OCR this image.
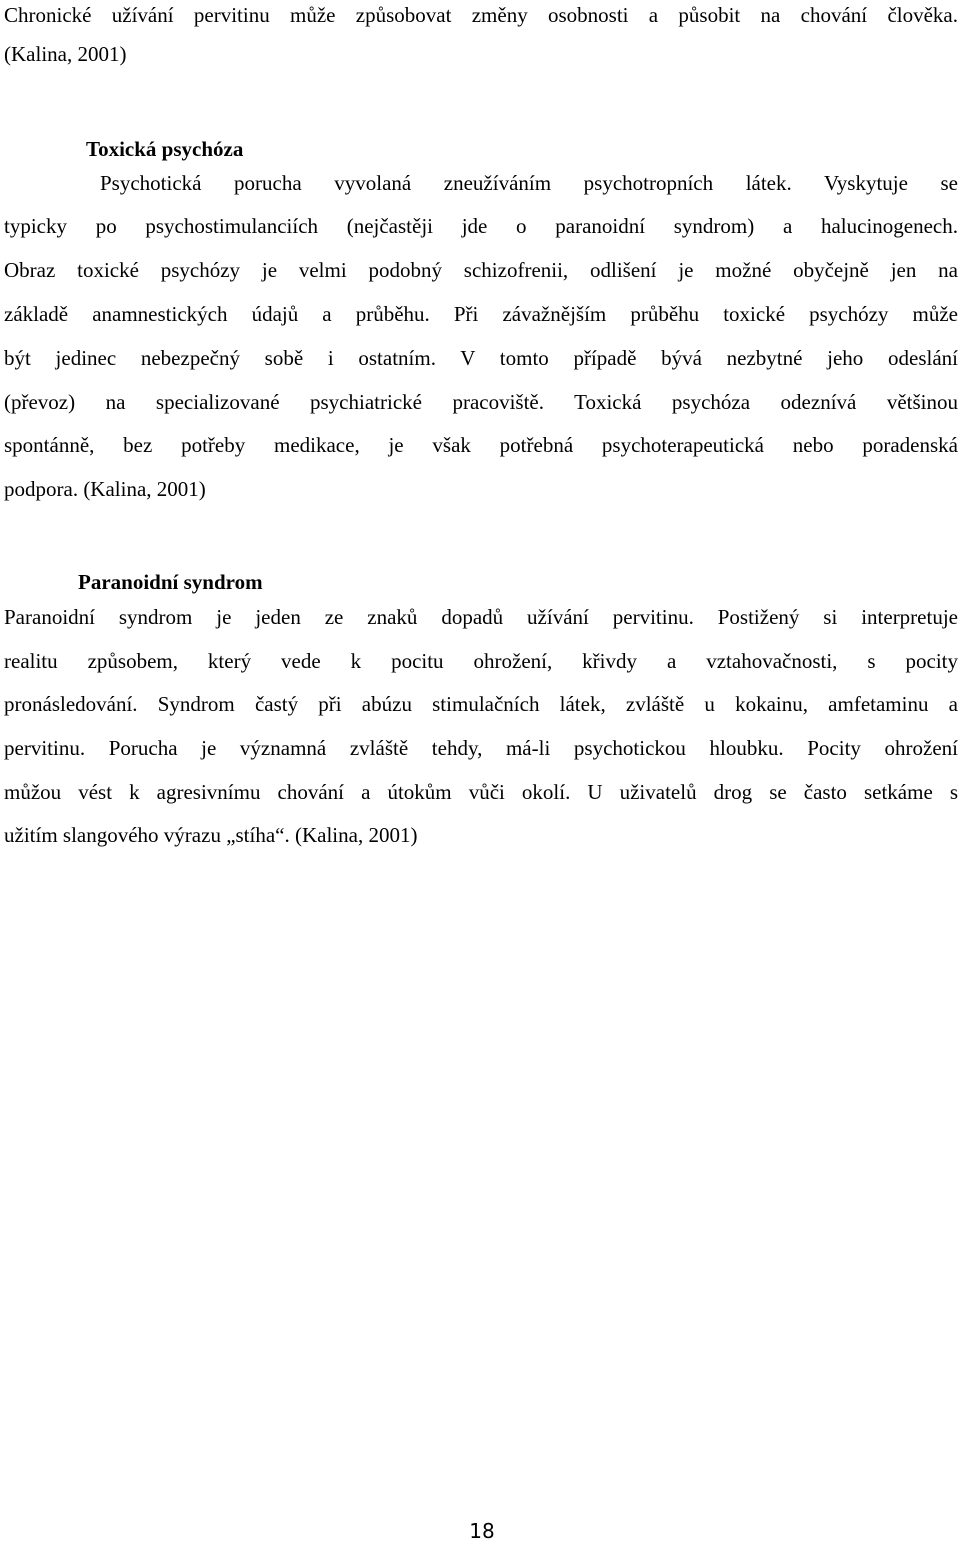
Chronické užívání pervitinu může způsobovat změny osobnosti a působit na chování člověka.
(Kalina, 2001)
Psychotická porucha vyvolaná zneužíváním psychotropních látek. Vyskytuje se
typicky po psychostimulanciích (nejčastěji jde o paranoidní syndrom) a halucinogenech.
Obraz toxické psychózy je velmi podobný schizofrenii, odlišení je možné obyčejně jen na
základě anamnestických údajů a průběhu. Při závažnějším průběhu toxické psychózy může
být jedinec nebezpečný sobě i ostatním. V tomto případě bývá nezbytné jeho odeslání
(převoz) na specializované psychiatrické pracoviště. Toxická psychóza odeznívá většinou
spontánně, bez potřeby medikace, je však potřebná psychoterapeutická nebo poradenská
podpora. (Kalina, 2001)
Paranoidní syndrom je jeden ze znaků dopadů užívání pervitinu. Postižený si interpretuje
realitu způsobem, který vede k pocitu ohrožení, křivdy a vztahovačnosti, s pocity
pronásledování. Syndrom častý při abúzu stimulačních látek, zvláště u kokainu, amfetaminu a
pervitinu. Porucha je významná zvláště tehdy, má-li psychotickou hloubku. Pocity ohrožení
můžou vést k agresivnímu chování a útokům vůči okolí. U uživatelů drog se často setkáme s
užitím slangového výrazu „stíha“. (Kalina, 2001)
Toxická psychóza
Paranoidní syndrom
18
